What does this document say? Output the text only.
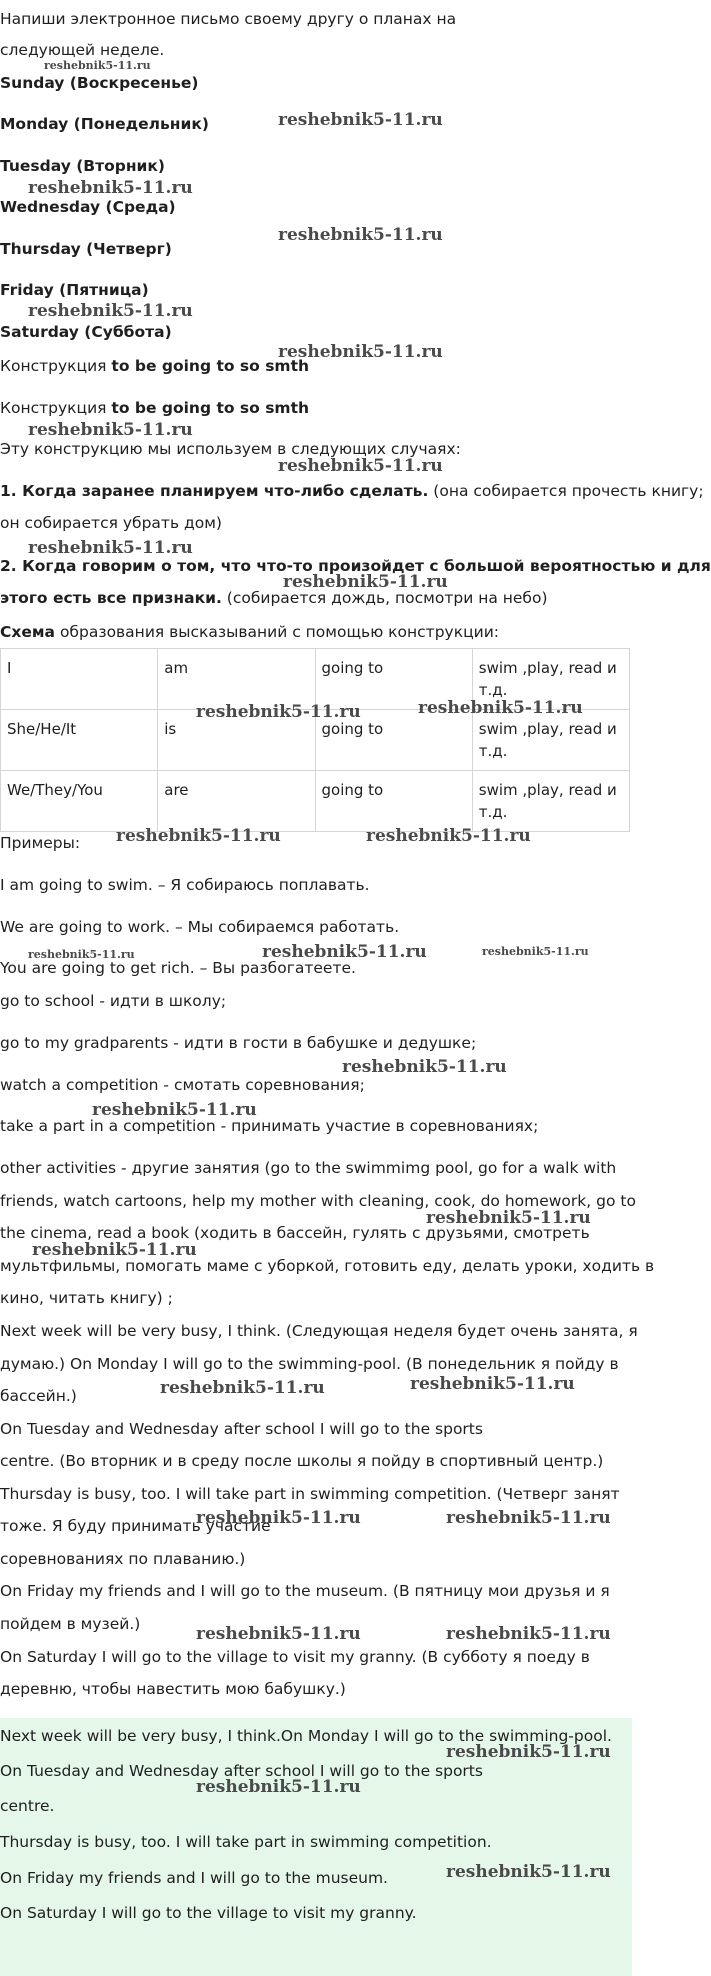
Напиши электронное письмо своему другу о планах на

следующей неделе.

Sunday (Воскресенье)

Monday (Понедельник)

Tuesday (Вторник)

Wednesday (Среда)

Thursday (Четверг)

Friday (Пятница)

Saturday (Суббота)

Конструкция to be going to so smth

Конструкция to be going to so smth

Эту конструкцию мы используем в следующих случаях:

1. Когда заранее планируем что-либо сделать. (она собирается прочесть книгу;

он собирается убрать дом)

2. Когда говорим о том, что что-то произойдет с большой вероятностью и для

этого есть все признаки. (собирается дождь, посмотри на небо)

Схема образования высказываний с помощью конструкции:

I	am	going to	swim ,play, read и т.д.
She/He/It	is	going to	swim ,play, read и т.д.
We/They/You	are	going to	swim ,play, read и т.д.

Примеры:

I am going to swim. – Я собираюсь поплавать.

We are going to work. – Мы собираемся работать.

You are going to get rich. – Вы разбогатеете.

go to school - идти в школу;

go to my gradparents - идти в гости в бабушке и дедушке;

watch a competition - смотать соревнования;

take a part in a competition - принимать участие в соревнованиях;

other activities - другие занятия (go to the swimmimg pool, go for a walk with

friends, watch cartoons, help my mother with cleaning, cook, do homework, go to

the cinema, read a book (ходить в бассейн, гулять с друзьями, смотреть

мультфильмы, помогать маме с уборкой, готовить еду, делать уроки, ходить в

кино, читать книгу) ;

Next week will be very busy, I think. (Следующая неделя будет очень занята, я

думаю.) On Monday I will go to the swimming-pool. (В понедельник я пойду в

бассейн.)

On Tuesday and Wednesday after school I will go to the sports

centre. (Во вторник и в среду после школы я пойду в спортивный центр.)

Thursday is busy, too. I will take part in swimming competition. (Четверг занят

тоже. Я буду принимать участие

соревнованиях по плаванию.)

On Friday my friends and I will go to the museum. (В пятницу мои друзья и я

пойдем в музей.)

On Saturday I will go to the village to visit my granny. (В субботу я поеду в

деревню, чтобы навестить мою бабушку.)

Next week will be very busy, I think.On Monday I will go to the swimming-pool.

On Tuesday and Wednesday after school I will go to the sports

centre.

Thursday is busy, too. I will take part in swimming competition.

On Friday my friends and I will go to the museum.

On Saturday I will go to the village to visit my granny.

reshebnik5-11.ru
reshebnik5-11.ru
reshebnik5-11.ru
reshebnik5-11.ru
reshebnik5-11.ru
reshebnik5-11.ru
reshebnik5-11.ru
reshebnik5-11.ru
reshebnik5-11.ru
reshebnik5-11.ru
reshebnik5-11.ru	reshebnik5-11.ru
reshebnik5-11.ru	reshebnik5-11.ru
reshebnik5-11.ru	reshebnik5-11.ru	reshebnik5-11.ru
reshebnik5-11.ru
reshebnik5-11.ru
reshebnik5-11.ru
reshebnik5-11.ru
reshebnik5-11.ru	reshebnik5-11.ru
reshebnik5-11.ru	reshebnik5-11.ru
reshebnik5-11.ru	reshebnik5-11.ru
reshebnik5-11.ru
reshebnik5-11.ru
reshebnik5-11.ru
